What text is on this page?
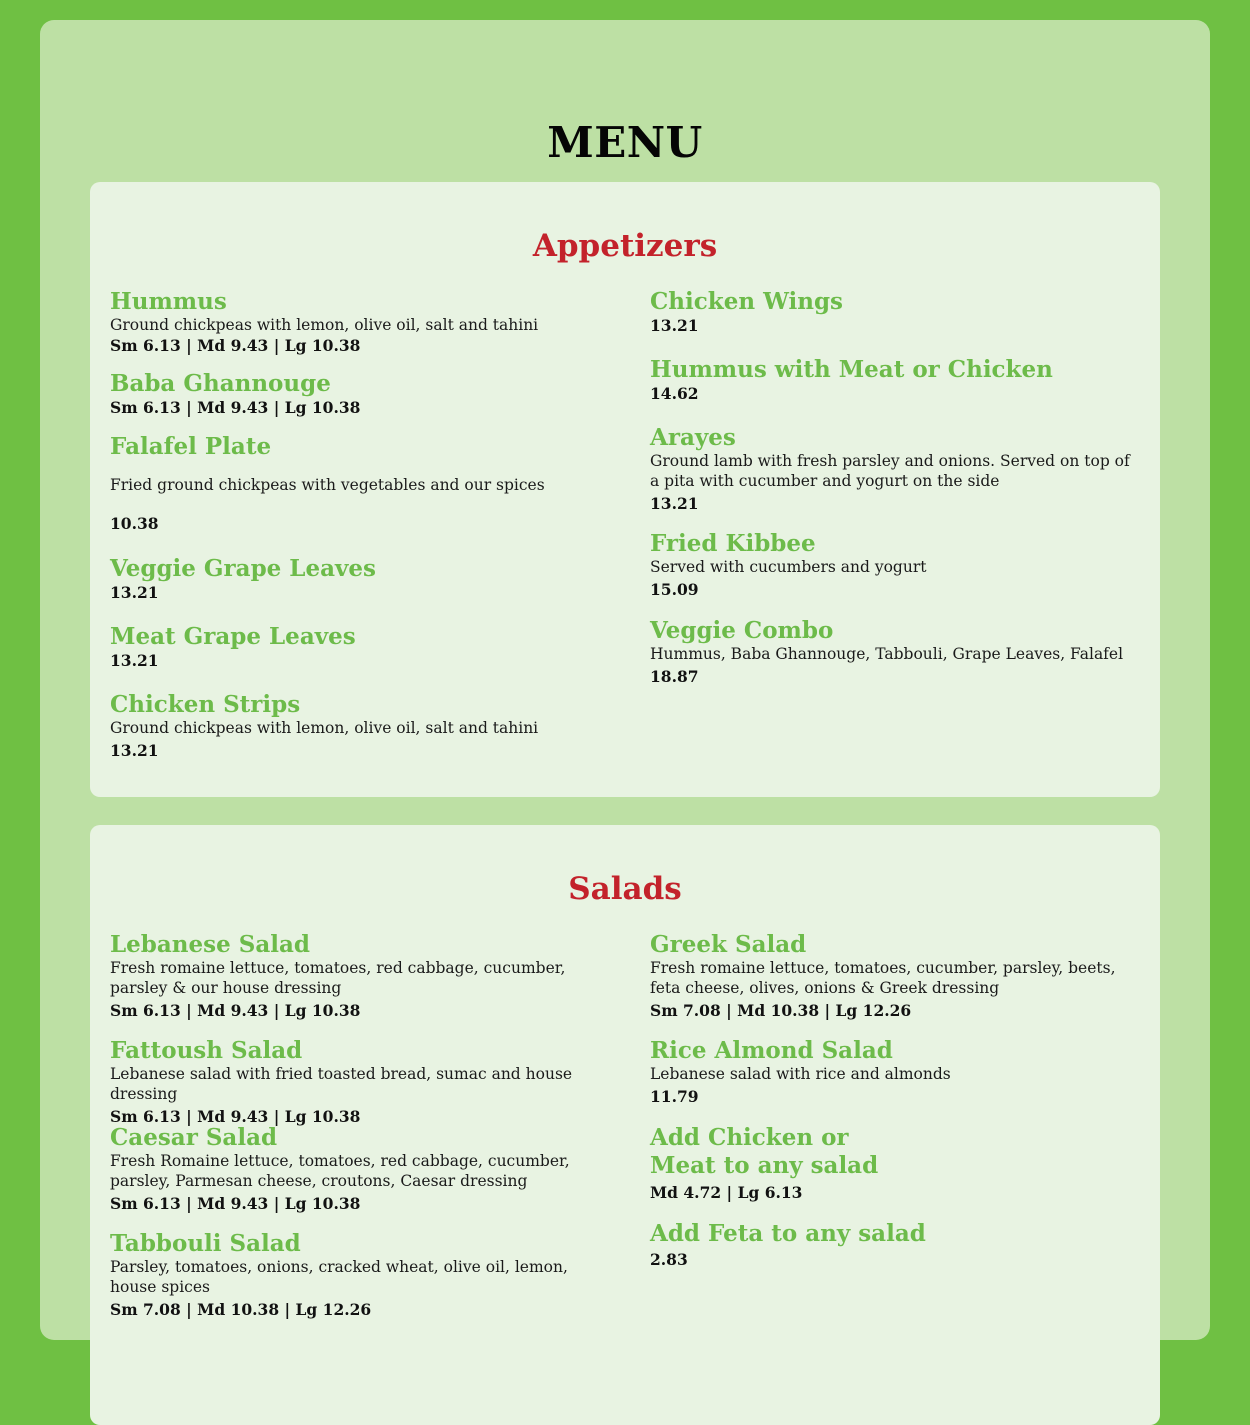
MENU
Appetizers
Hummus
Ground chickpeas with lemon, olive oil, salt and tahini
Sm 6.13 | Md 9.43 | Lg 10.38
Baba Ghannouge
Sm 6.13 | Md 9.43 | Lg 10.38
Falafel Plate
Fried ground chickpeas with vegetables and our spices
10.38
Veggie Grape Leaves
13.21
Meat Grape Leaves
13.21
Chicken Strips
Ground chickpeas with lemon, olive oil, salt and tahini
13.21
Chicken Wings
13.21
Hummus with Meat or Chicken
14.62
Arayes
Ground lamb with fresh parsley and onions. Served on top of a pita with cucumber and yogurt on the side
13.21
Fried Kibbee
Served with cucumbers and yogurt
15.09
Veggie Combo
Hummus, Baba Ghannouge, Tabbouli, Grape Leaves, Falafel
18.87
Salads
Lebanese Salad
Fresh romaine lettuce, tomatoes, red cabbage, cucumber, parsley & our house dressing
Sm 6.13 | Md 9.43 | Lg 10.38
Fattoush Salad
Lebanese salad with fried toasted bread, sumac and house dressing
Sm 6.13 | Md 9.43 | Lg 10.38
Caesar Salad
Fresh Romaine lettuce, tomatoes, red cabbage, cucumber, parsley, Parmesan cheese, croutons, Caesar dressing
Sm 6.13 | Md 9.43 | Lg 10.38
Tabbouli Salad
Parsley, tomatoes, onions, cracked wheat, olive oil, lemon, house spices
Sm 7.08 | Md 10.38 | Lg 12.26
Greek Salad
Fresh romaine lettuce, tomatoes, cucumber, parsley, beets, feta cheese, olives, onions & Greek dressing
Sm 7.08 | Md 10.38 | Lg 12.26
Rice Almond Salad
Lebanese salad with rice and almonds
11.79
Add Chicken or Meat to any salad
Md 4.72 | Lg 6.13
Add Feta to any salad
2.83
